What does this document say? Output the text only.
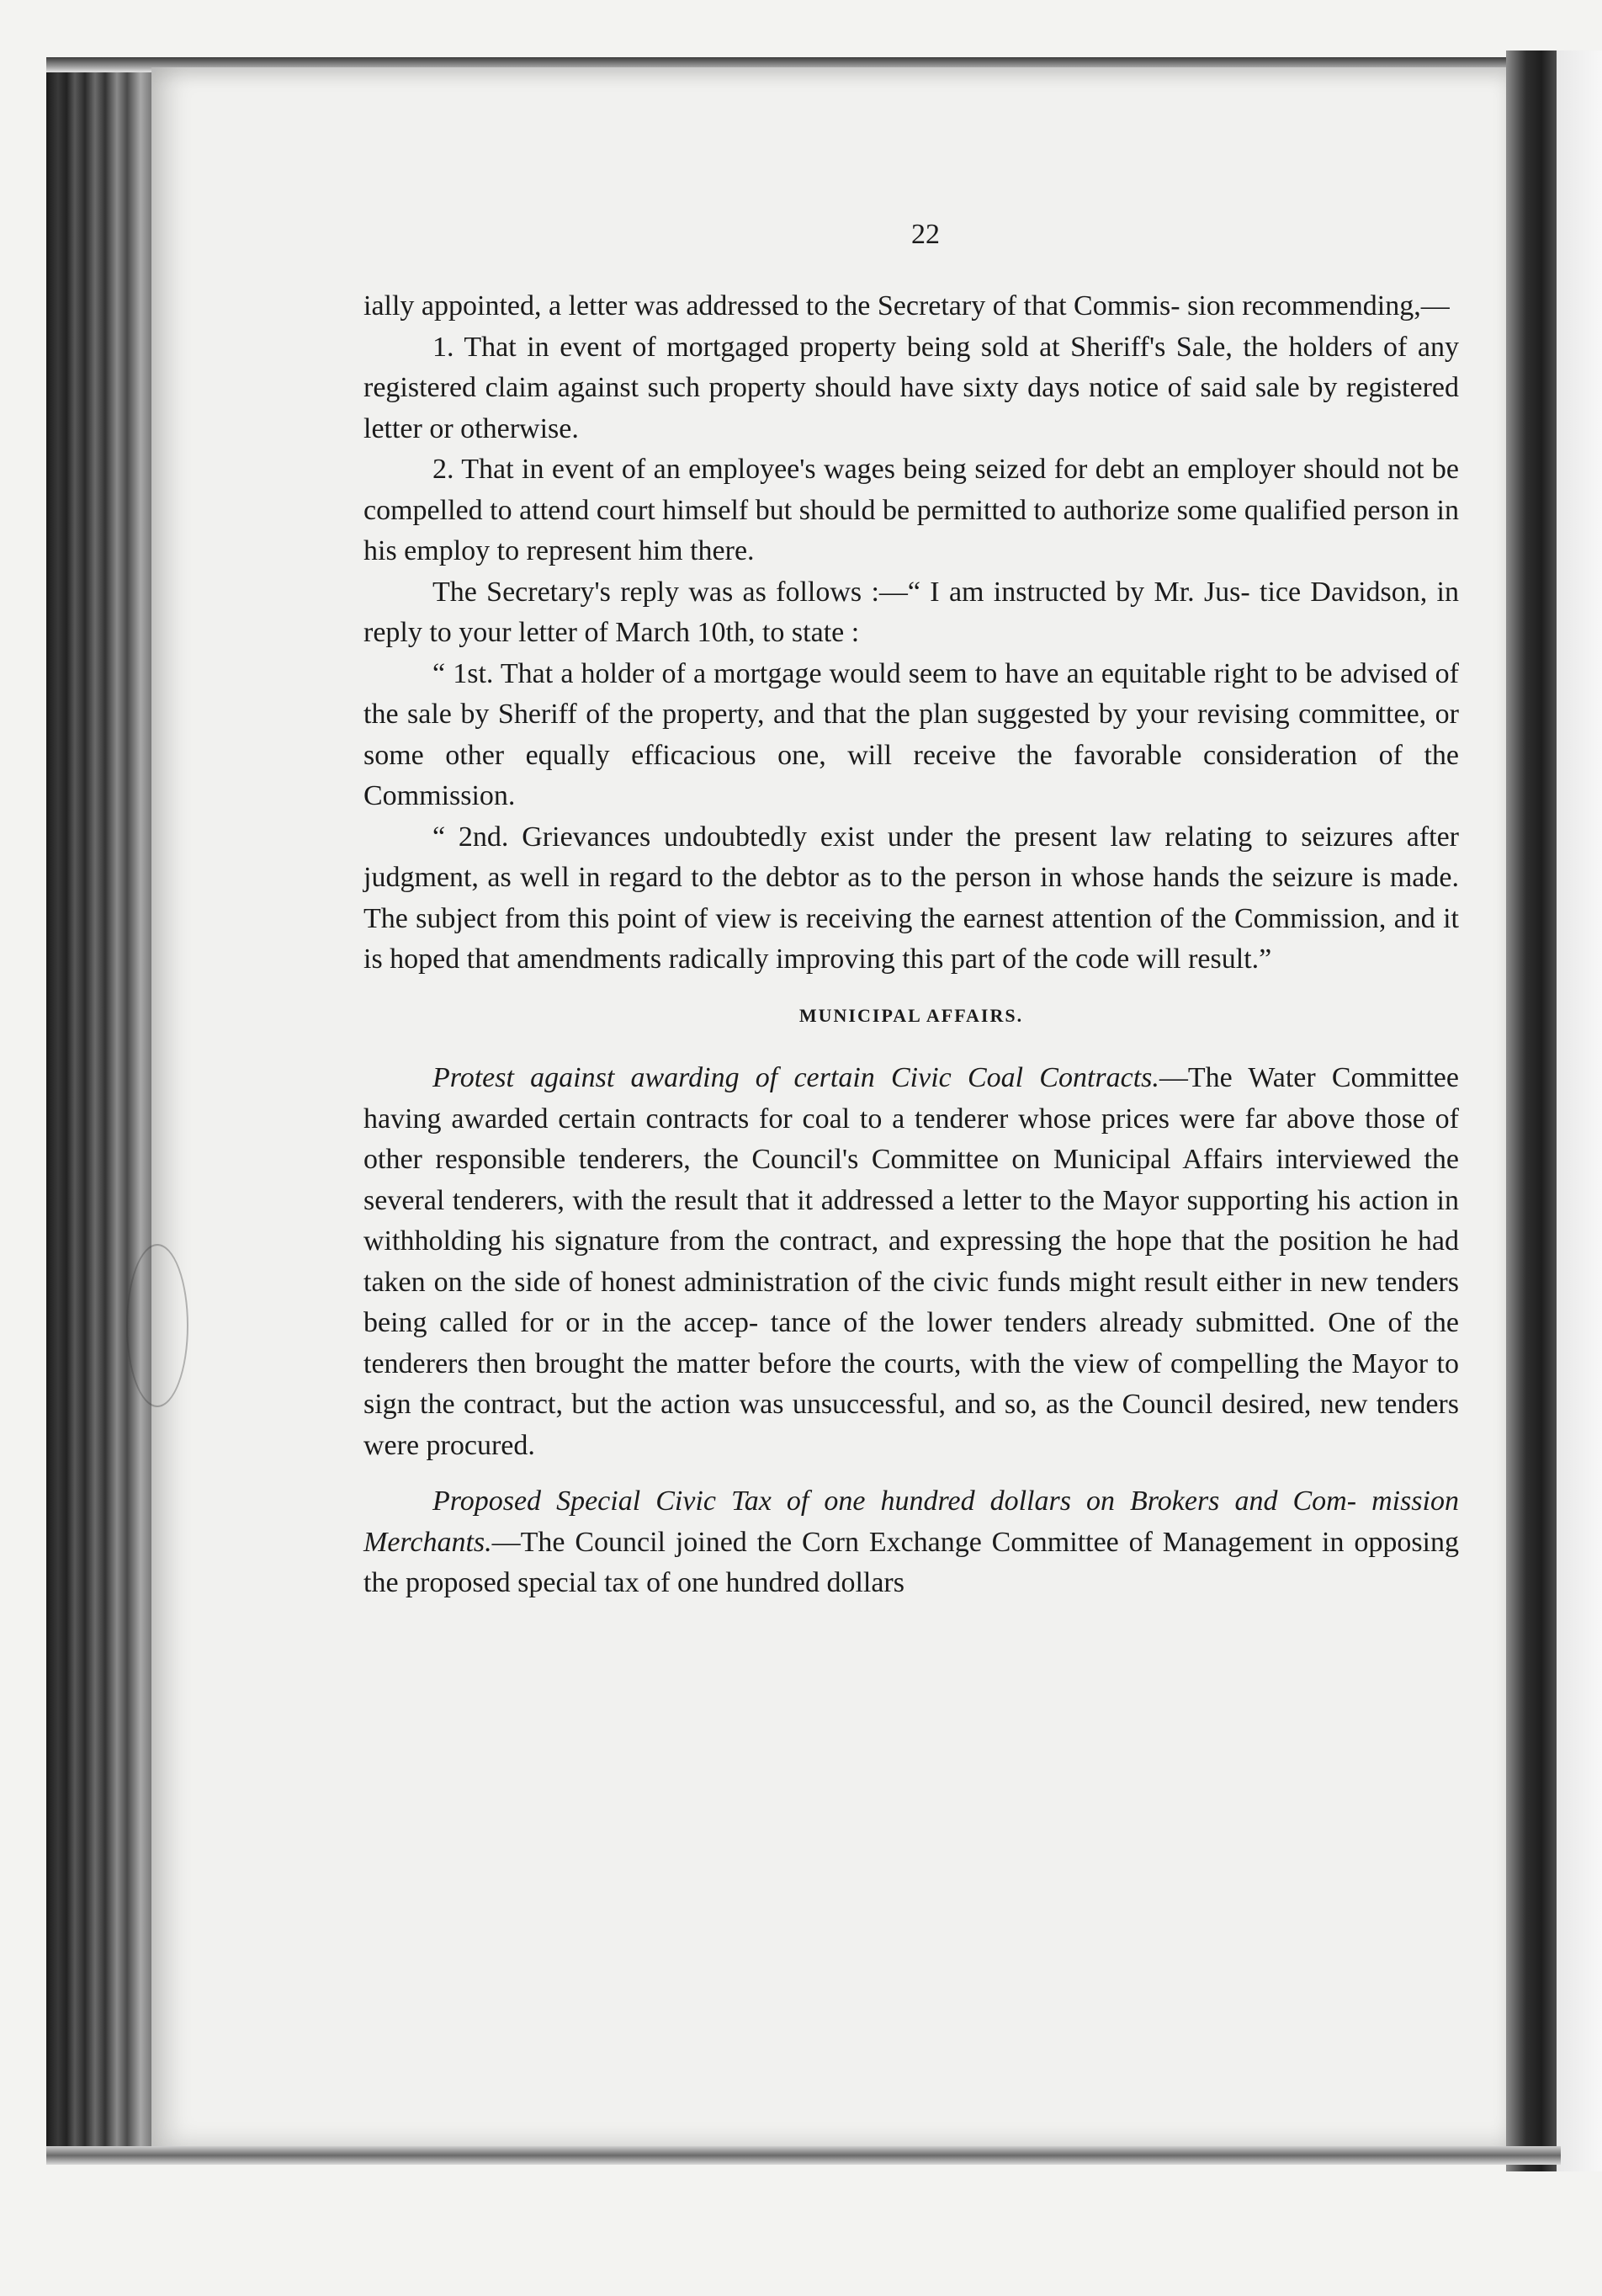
22

ially appointed, a letter was addressed to the Secretary of that Commis- sion recommending,—

1. That in event of mortgaged property being sold at Sheriff's Sale, the holders of any registered claim against such property should have sixty days notice of said sale by registered letter or otherwise.

2. That in event of an employee's wages being seized for debt an employer should not be compelled to attend court himself but should be permitted to authorize some qualified person in his employ to represent him there.

The Secretary's reply was as follows :—“ I am instructed by Mr. Jus- tice Davidson, in reply to your letter of March 10th, to state :

“ 1st. That a holder of a mortgage would seem to have an equitable right to be advised of the sale by Sheriff of the property, and that the plan suggested by your revising committee, or some other equally efficacious one, will receive the favorable consideration of the Commission.

“ 2nd. Grievances undoubtedly exist under the present law relating to seizures after judgment, as well in regard to the debtor as to the person in whose hands the seizure is made. The subject from this point of view is receiving the earnest attention of the Commission, and it is hoped that amendments radically improving this part of the code will result.”

MUNICIPAL AFFAIRS.

Protest against awarding of certain Civic Coal Contracts.—The Water Committee having awarded certain contracts for coal to a tenderer whose prices were far above those of other responsible tenderers, the Council's Committee on Municipal Affairs interviewed the several tenderers, with the result that it addressed a letter to the Mayor supporting his action in withholding his signature from the contract, and expressing the hope that the position he had taken on the side of honest administration of the civic funds might result either in new tenders being called for or in the accep- tance of the lower tenders already submitted. One of the tenderers then brought the matter before the courts, with the view of compelling the Mayor to sign the contract, but the action was unsuccessful, and so, as the Council desired, new tenders were procured.

Proposed Special Civic Tax of one hundred dollars on Brokers and Com- mission Merchants.—The Council joined the Corn Exchange Committee of Management in opposing the proposed special tax of one hundred dollars
